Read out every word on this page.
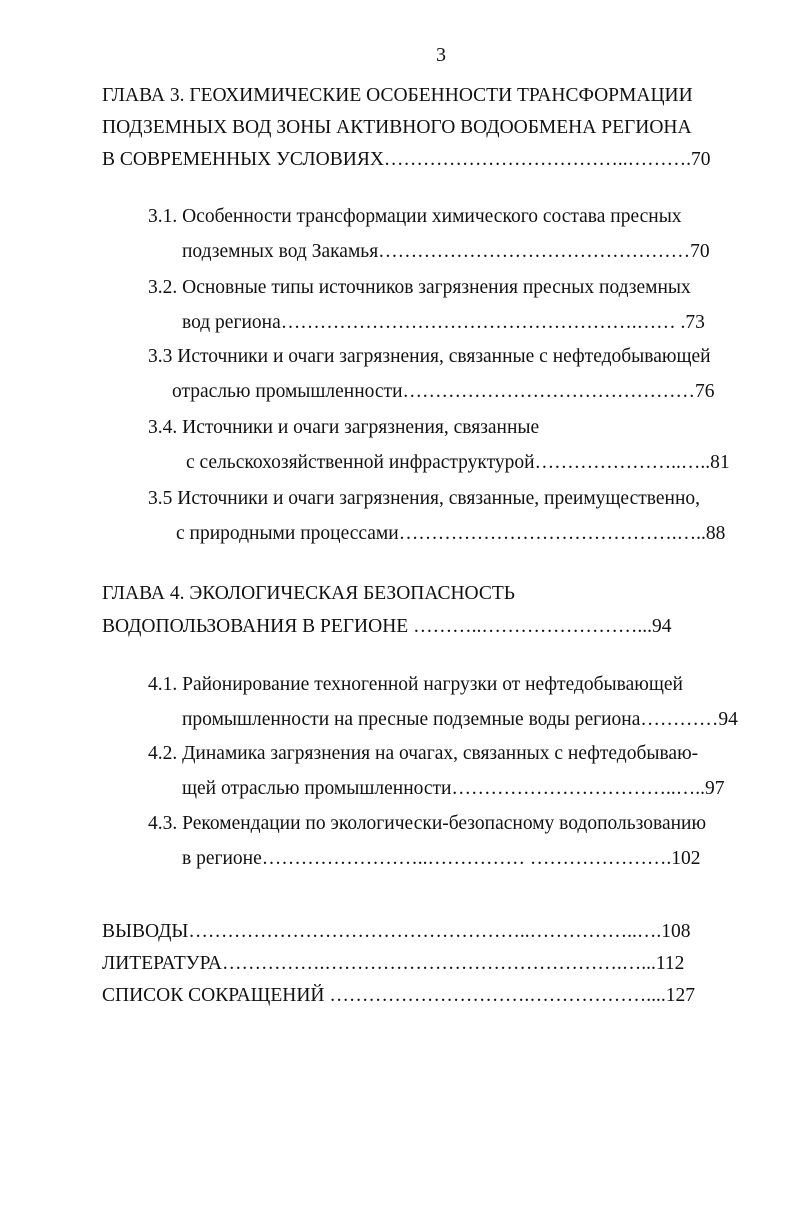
3
ГЛАВА 3. ГЕОХИМИЧЕСКИЕ ОСОБЕННОСТИ ТРАНСФОРМАЦИИ
ПОДЗЕМНЫХ ВОД ЗОНЫ АКТИВНОГО ВОДООБМЕНА РЕГИОНА
В СОВРЕМЕННЫХ УСЛОВИЯХ………………………………..……….70
3.1. Особенности трансформации химического состава пресных
подземных вод Закамья…………………………………………70
3.2. Основные типы источников загрязнения пресных подземных
вод региона……………………………………………….…… .73
3.3 Источники и очаги загрязнения, связанные с нефтедобывающей
отраслью промышленности………………………………………76
3.4. Источники и очаги загрязнения, связанные
с сельскохозяйственной инфраструктурой…………………..…..81
3.5 Источники и очаги загрязнения, связанные, преимущественно,
с природными процессами…………………………………….…..88
ГЛАВА 4. ЭКОЛОГИЧЕСКАЯ БЕЗОПАСНОСТЬ
ВОДОПОЛЬЗОВАНИЯ В РЕГИОНЕ ………..……………………...94
4.1. Районирование техногенной нагрузки от нефтедобывающей
промышленности на пресные подземные воды региона…………94
4.2. Динамика загрязнения на очагах, связанных с нефтедобываю-
щей отраслью промышленности……………………………..…..97
4.3. Рекомендации по экологически-безопасному водопользованию
в регионе……………………..…………… ………………….102
ВЫВОДЫ……………………………………………..……………..….108
ЛИТЕРАТУРА…………….……………………………………….…...112
СПИСОК СОКРАЩЕНИЙ ………………………….………………....127
